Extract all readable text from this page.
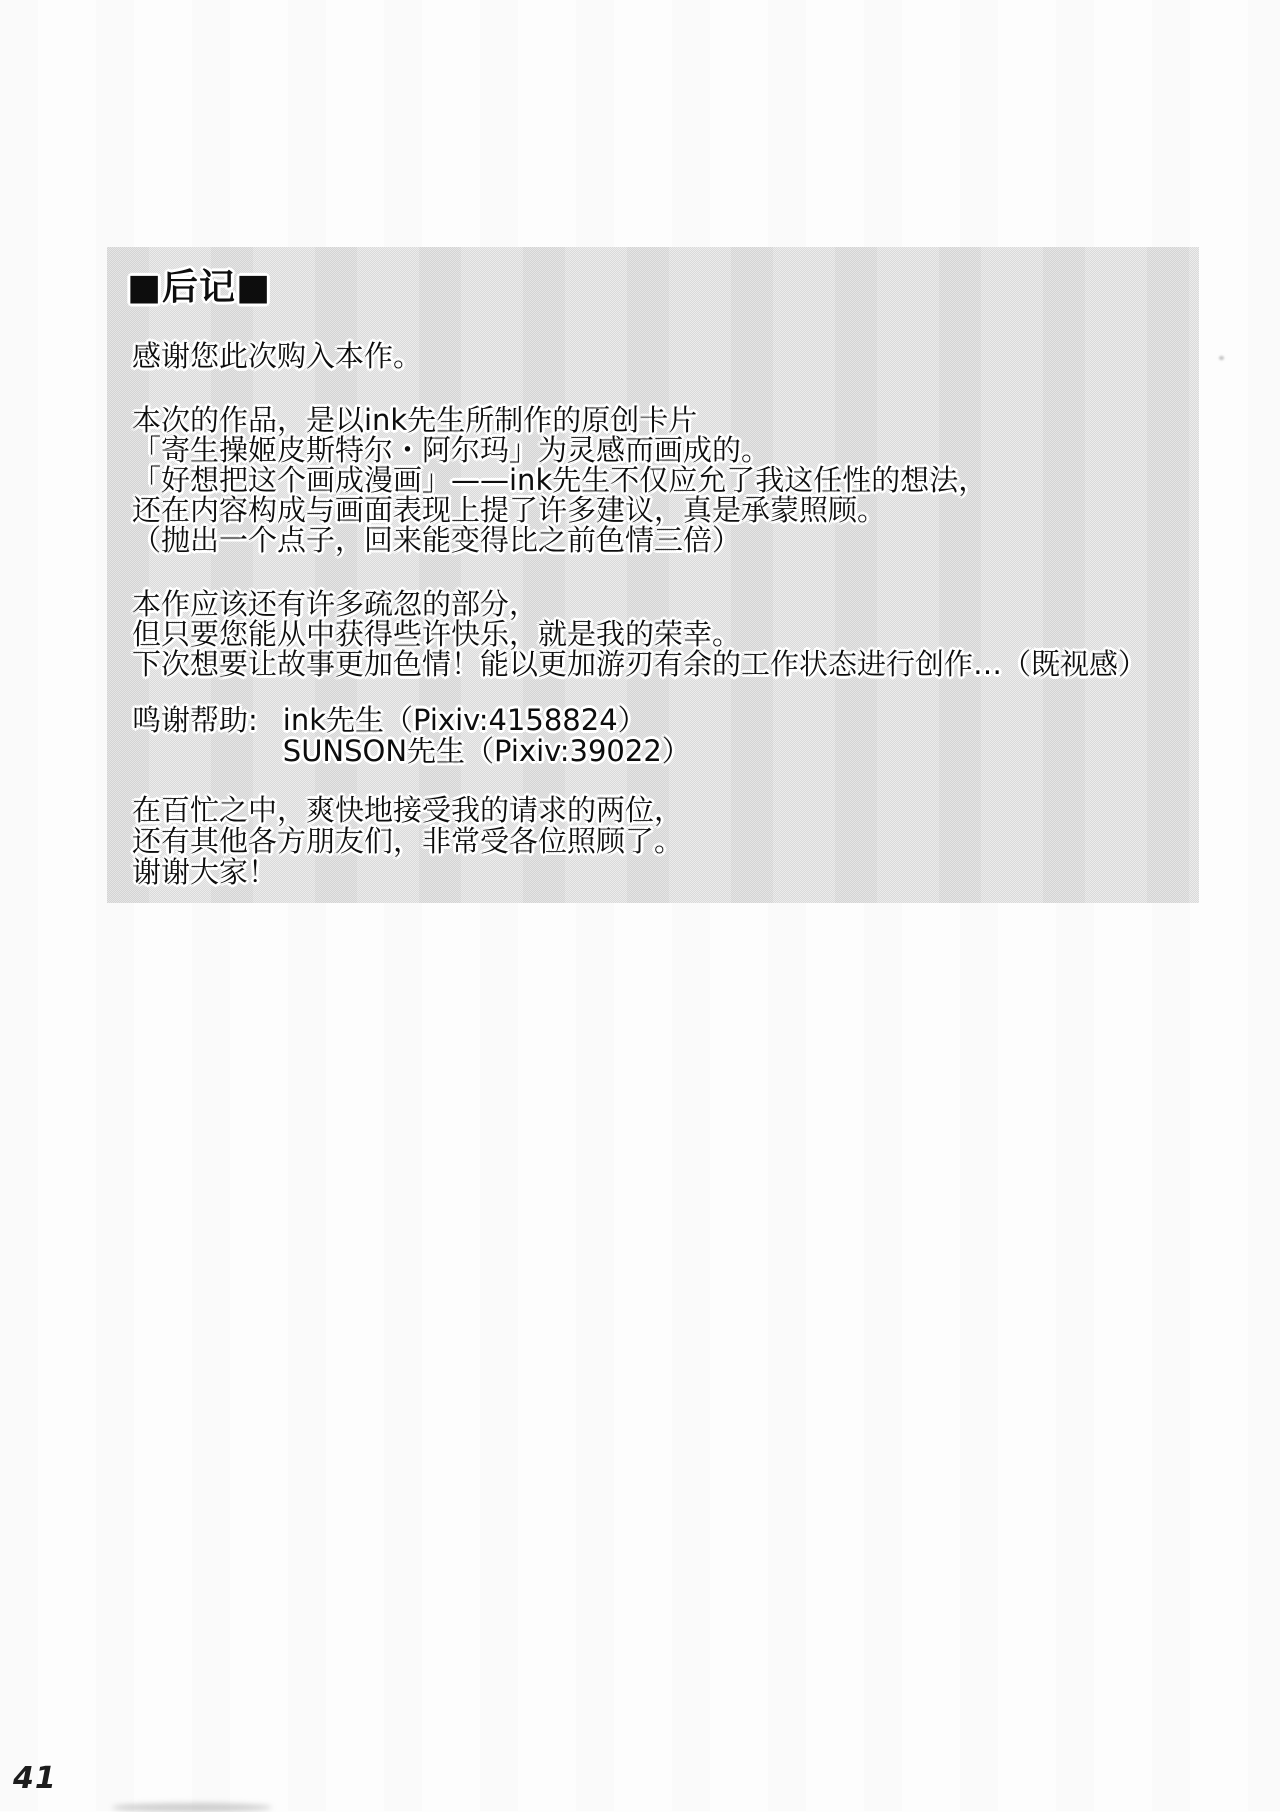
■后记■
感谢您此次购入本作。
本次的作品，是以ink先生所制作的原创卡片
「寄生操姬皮斯特尔・阿尔玛」为灵感而画成的。
「好想把这个画成漫画」——ink先生不仅应允了我这任性的想法，
还在内容构成与画面表现上提了许多建议，真是承蒙照顾。
（抛出一个点子，回来能变得比之前色情三倍）
本作应该还有许多疏忽的部分，
但只要您能从中获得些许快乐，就是我的荣幸。
下次想要让故事更加色情！能以更加游刃有余的工作状态进行创作…（既视感）
鸣谢帮助: ink先生（Pixiv:4158824）
SUNSON先生（Pixiv:39022）
在百忙之中，爽快地接受我的请求的两位，
还有其他各方朋友们，非常受各位照顾了。
谢谢大家！
41
